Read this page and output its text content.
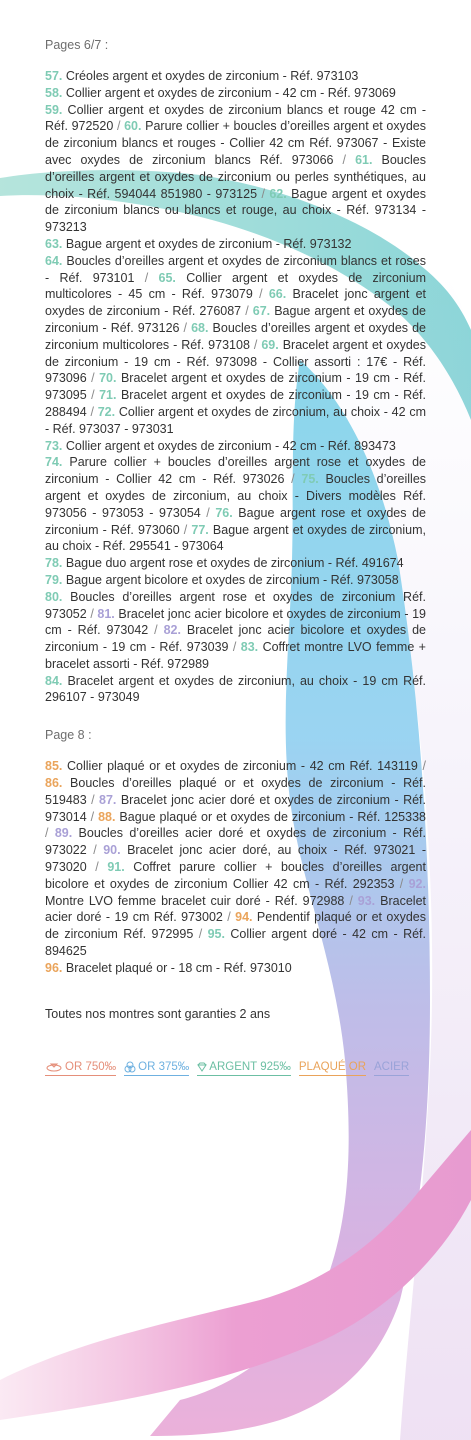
Pages 6/7 :

57. Créoles argent et oxydes de zirconium - Réf. 973103
58. Collier argent et oxydes de zirconium - 42 cm - Réf. 973069
59. Collier argent et oxydes de zirconium blancs et rouge 42 cm - Réf. 972520 / 60. Parure collier + boucles d’oreilles argent et oxydes de zirconium blancs et rouges - Collier 42 cm Réf. 973067 - Existe avec oxydes de zirconium blancs Réf. 973066 / 61. Boucles d’oreilles argent et oxydes de zirconium ou perles synthétiques, au choix - Réf. 594044 851980 - 973125 / 62. Bague argent et oxydes de zirconium blancs ou blancs et rouge, au choix - Réf. 973134 - 973213
63. Bague argent et oxydes de zirconium - Réf. 973132
64. Boucles d’oreilles argent et oxydes de zirconium blancs et roses - Réf. 973101 / 65. Collier argent et oxydes de zirconium multicolores - 45 cm - Réf. 973079 / 66. Bracelet jonc argent et oxydes de zirconium - Réf. 276087 / 67. Bague argent et oxydes de zirconium - Réf. 973126 / 68. Boucles d’oreilles argent et oxydes de zirconium multicolores - Réf. 973108 / 69. Bracelet argent et oxydes de zirconium - 19 cm - Réf. 973098 - Collier assorti : 17€ - Réf. 973096 / 70. Bracelet argent et oxydes de zirconium - 19 cm - Réf. 973095 / 71. Bracelet argent et oxydes de zirconium - 19 cm - Réf. 288494 / 72. Collier argent et oxydes de zirconium, au choix - 42 cm - Réf. 973037 - 973031
73. Collier argent et oxydes de zirconium - 42 cm - Réf. 893473
74. Parure collier + boucles d’oreilles argent rose et oxydes de zirconium - Collier 42 cm - Réf. 973026 / 75. Boucles d’oreilles argent et oxydes de zirconium, au choix - Divers modèles Réf. 973056 - 973053 - 973054 / 76. Bague argent rose et oxydes de zirconium - Réf. 973060 / 77. Bague argent et oxydes de zirconium, au choix - Réf. 295541 - 973064
78. Bague duo argent rose et oxydes de zirconium - Réf. 491674
79. Bague argent bicolore et oxydes de zirconium - Réf. 973058
80. Boucles d’oreilles argent rose et oxydes de zirconium Réf. 973052 / 81. Bracelet jonc acier bicolore et oxydes de zirconium - 19 cm - Réf. 973042 / 82. Bracelet jonc acier bicolore et oxydes de zirconium - 19 cm - Réf. 973039 / 83. Coffret montre LVO femme + bracelet assorti - Réf. 972989
84. Bracelet argent et oxydes de zirconium, au choix - 19 cm Réf. 296107 - 973049

Page 8 :

85. Collier plaqué or et oxydes de zirconium - 42 cm Réf. 143119 / 86. Boucles d’oreilles plaqué or et oxydes de zirconium - Réf. 519483 / 87. Bracelet jonc acier doré et oxydes de zirconium - Réf. 973014 / 88. Bague plaqué or et oxydes de zirconium - Réf. 125338 / 89. Boucles d’oreilles acier doré et oxydes de zirconium - Réf. 973022 / 90. Bracelet jonc acier doré, au choix - Réf. 973021 - 973020 / 91. Coffret parure collier + boucles d’oreilles argent bicolore et oxydes de zirconium Collier 42 cm - Réf. 292353 / 92. Montre LVO femme bracelet cuir doré - Réf. 972988 / 93. Bracelet acier doré - 19 cm Réf. 973002 / 94. Pendentif plaqué or et oxydes de zirconium Réf. 972995 / 95. Collier argent doré - 42 cm - Réf. 894625
96. Bracelet plaqué or - 18 cm - Réf. 973010

Toutes nos montres sont garanties 2 ans
OR 750‰ OR 375‰ ARGENT 925‰ PLAQUÉ OR ACIER
